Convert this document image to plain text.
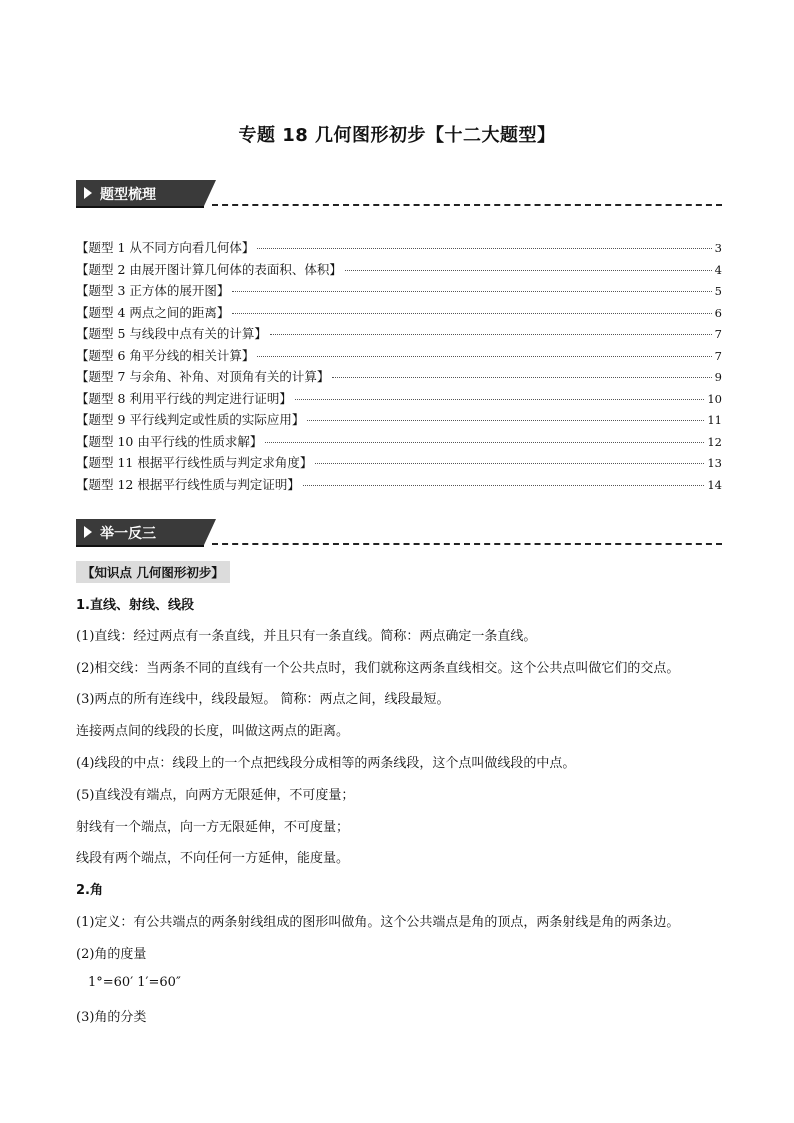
专题 18 几何图形初步【十二大题型】
题型梳理
【题型 1 从不同方向看几何体】	3
【题型 2 由展开图计算几何体的表面积、体积】	4
【题型 3 正方体的展开图】	5
【题型 4 两点之间的距离】	6
【题型 5 与线段中点有关的计算】	7
【题型 6 角平分线的相关计算】	7
【题型 7 与余角、补角、对顶角有关的计算】	9
【题型 8 利用平行线的判定进行证明】	10
【题型 9 平行线判定或性质的实际应用】	11
【题型 10 由平行线的性质求解】	12
【题型 11 根据平行线性质与判定求角度】	13
【题型 12 根据平行线性质与判定证明】	14
举一反三
【知识点 几何图形初步】
1.直线、射线、线段
(1)直线：经过两点有一条直线，并且只有一条直线。简称：两点确定一条直线。
(2)相交线：当两条不同的直线有一个公共点时，我们就称这两条直线相交。这个公共点叫做它们的交点。
(3)两点的所有连线中，线段最短。 简称：两点之间，线段最短。
连接两点间的线段的长度，叫做这两点的距离。
(4)线段的中点：线段上的一个点把线段分成相等的两条线段，这个点叫做线段的中点。
(5)直线没有端点，向两方无限延伸，不可度量；
射线有一个端点，向一方无限延伸，不可度量；
线段有两个端点，不向任何一方延伸，能度量。
2.角
(1)定义：有公共端点的两条射线组成的图形叫做角。这个公共端点是角的顶点，两条射线是角的两条边。
(2)角的度量
1°=60′ 1′=60″
(3)角的分类
